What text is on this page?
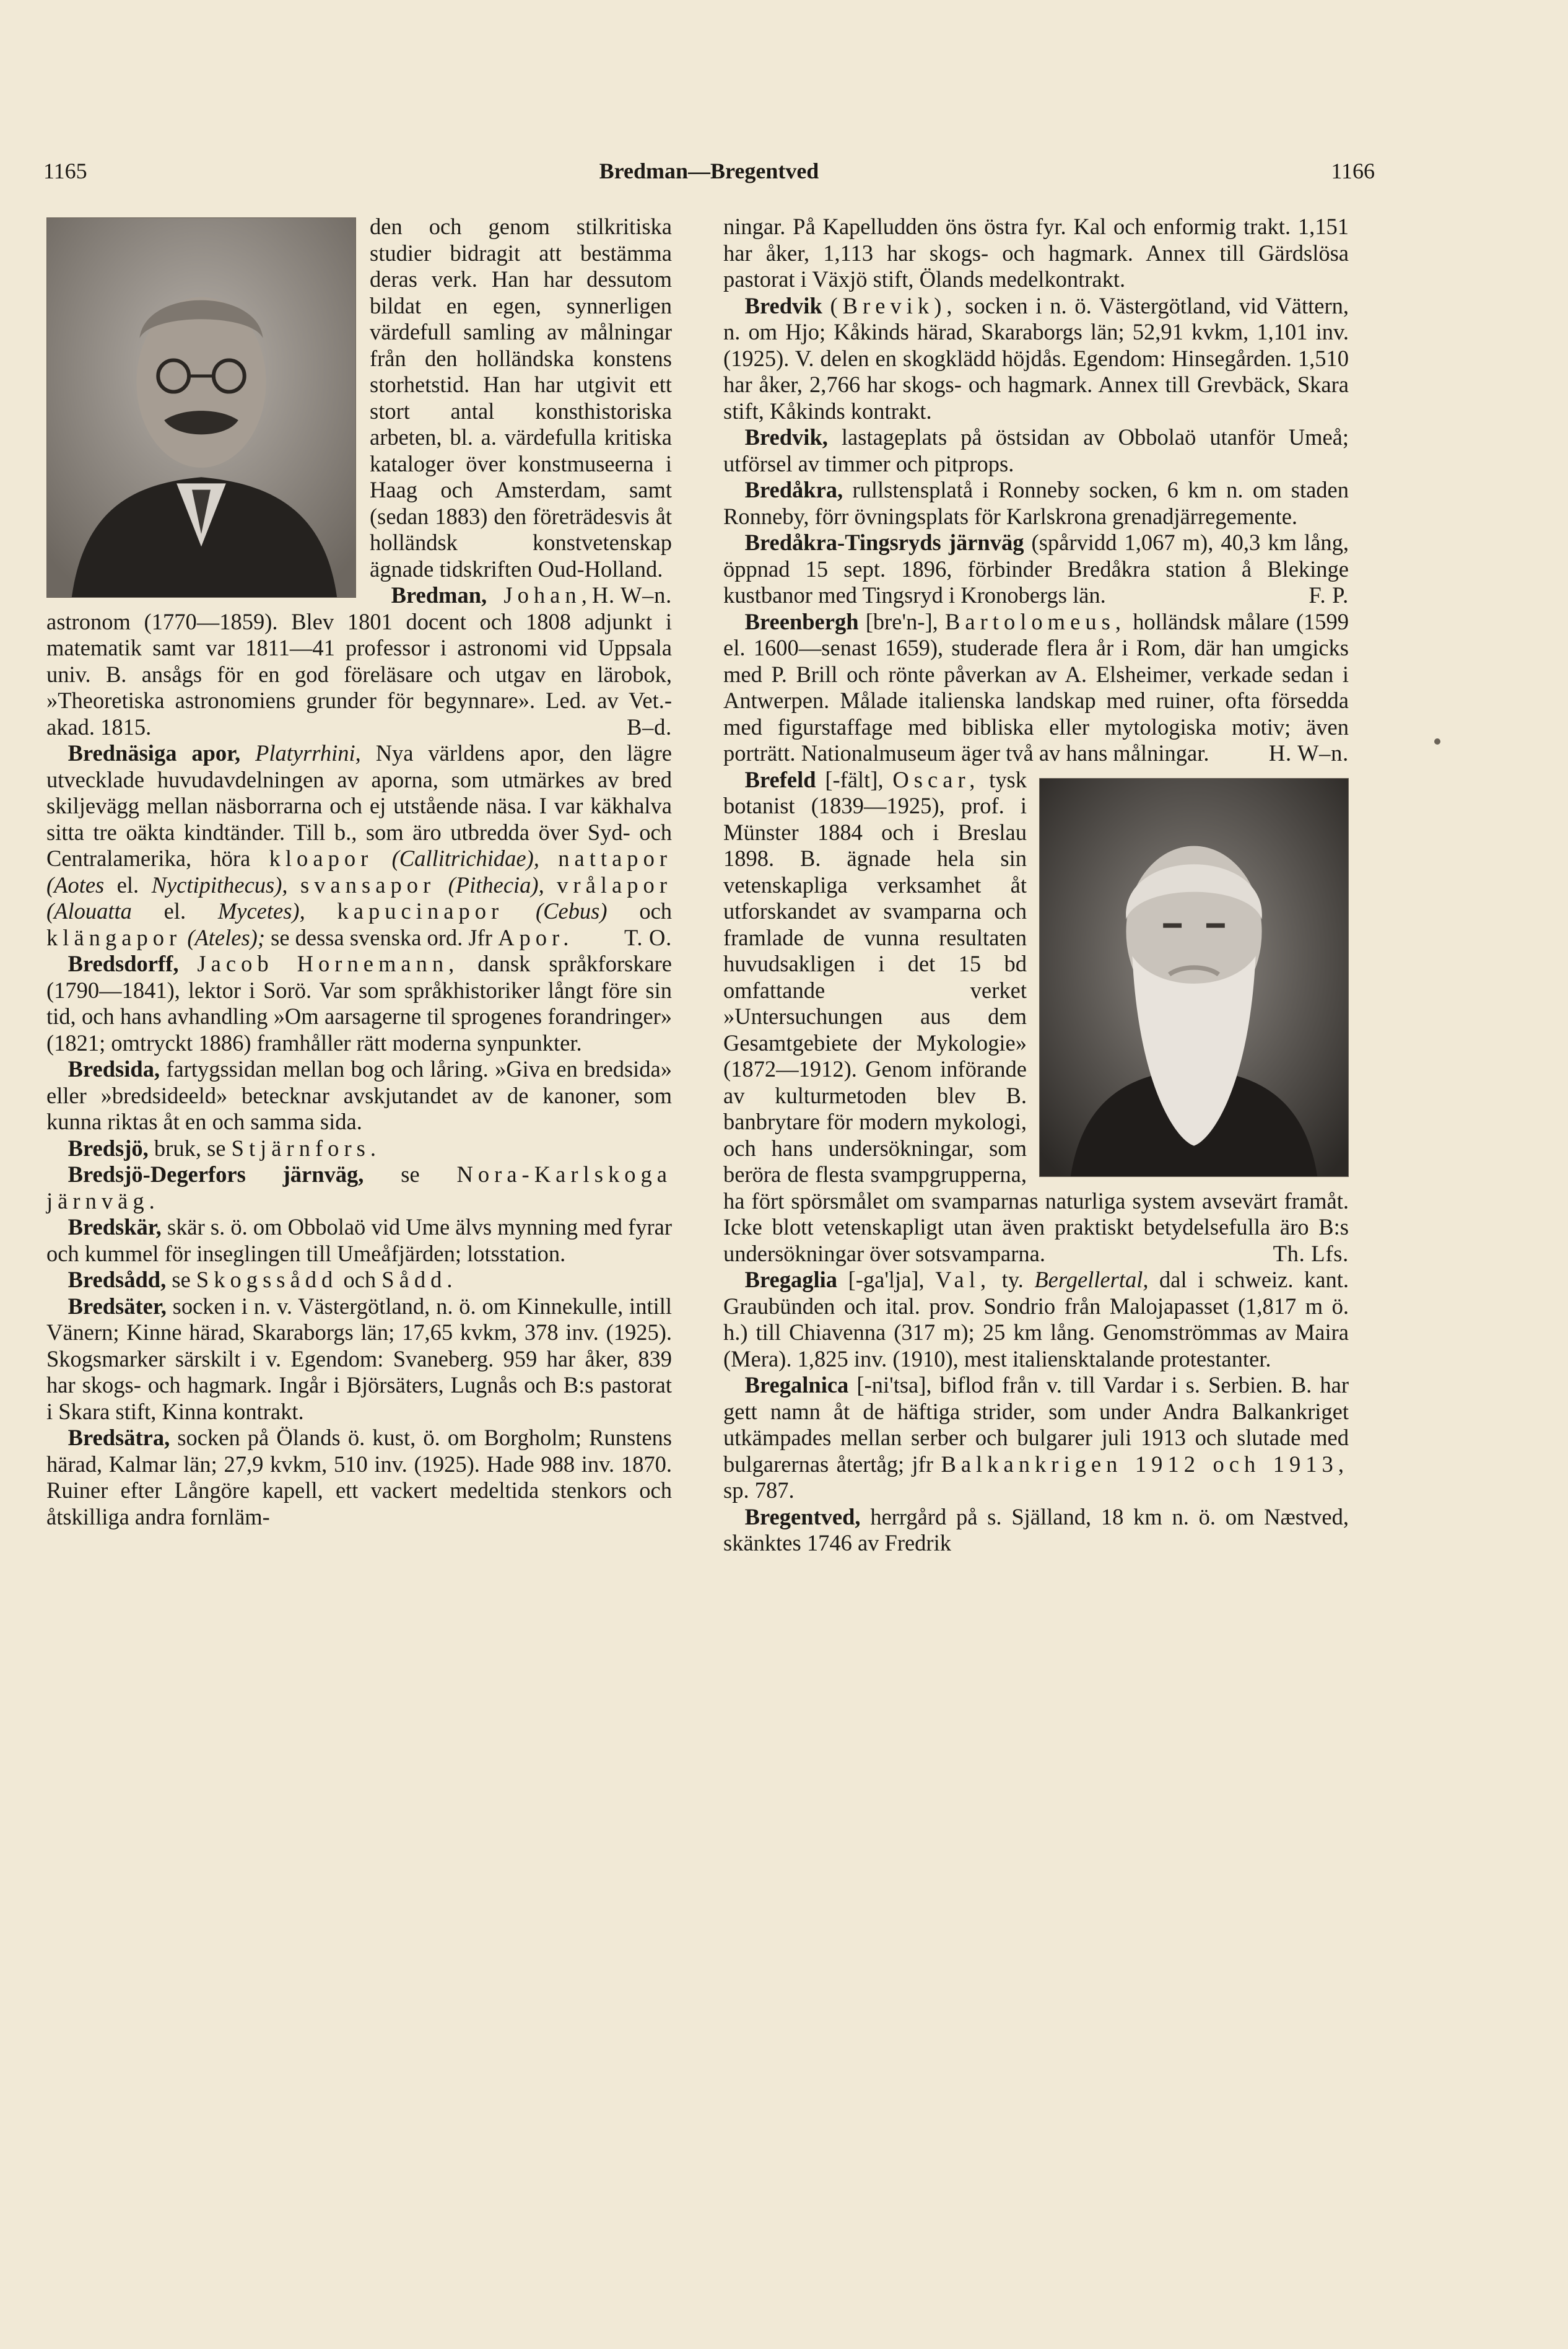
1165	Bredman—Bregentved	1166

den och genom stilkritiska studier bidragit att bestämma deras verk. Han har dessutom bildat en egen, synnerligen värdefull samling av målningar från den holländska konstens storhetstid. Han har utgivit ett stort antal konsthistoriska arbeten, bl. a. värdefulla kritiska kataloger över konstmuseerna i Haag och Amsterdam, samt (sedan 1883) den företrädesvis åt holländsk konstvetenskap ägnade tidskriften Oud-Holland.
H. W–n.

Bredman, Johan, astronom (1770—1859). Blev 1801 docent och 1808 adjunkt i matematik samt var 1811—41 professor i astronomi vid Uppsala univ. B. ansågs för en god föreläsare och utgav en lärobok, »Theoretiska astronomiens grunder för begynnare». Led. av Vet.-akad. 1815.	B–d.

Brednäsiga apor, Platyrrhini, Nya världens apor, den lägre utvecklade huvudavdelningen av aporna, som utmärkes av bred skiljevägg mellan näsborrarna och ej utstående näsa. I var käkhalva sitta tre oäkta kindtänder. Till b., som äro utbredda över Syd- och Centralamerika, höra kloapor (Callitrichidae), nattapor (Aotes el. Nyctipithecus), svansapor (Pithecia), vrålapor (Alouatta el. Mycetes), kapucinapor (Cebus) och klängapor (Ateles); se dessa svenska ord. Jfr Apor.	T. O.

Bredsdorff, Jacob Hornemann, dansk språkforskare (1790—1841), lektor i Sorö. Var som språkhistoriker långt före sin tid, och hans avhandling »Om aarsagerne til sprogenes forandringer» (1821; omtryckt 1886) framhåller rätt moderna synpunkter.

Bredsida, fartygssidan mellan bog och låring. »Giva en bredsida» eller »bredsideeld» betecknar avskjutandet av de kanoner, som kunna riktas åt en och samma sida.

Bredsjö, bruk, se Stjärnfors.

Bredsjö-Degerfors järnväg, se Nora-Karlskoga järnväg.

Bredskär, skär s. ö. om Obbolaö vid Ume älvs mynning med fyrar och kummel för inseglingen till Umeåfjärden; lotsstation.

Bredsådd, se Skogssådd och Sådd.

Bredsäter, socken i n. v. Västergötland, n. ö. om Kinnekulle, intill Vänern; Kinne härad, Skaraborgs län; 17,65 kvkm, 378 inv. (1925). Skogsmarker särskilt i v. Egendom: Svaneberg. 959 har åker, 839 har skogs- och hagmark. Ingår i Björsäters, Lugnås och B:s pastorat i Skara stift, Kinna kontrakt.

Bredsätra, socken på Ölands ö. kust, ö. om Borgholm; Runstens härad, Kalmar län; 27,9 kvkm, 510 inv. (1925). Hade 988 inv. 1870. Ruiner efter Långöre kapell, ett vackert medeltida stenkors och åtskilliga andra fornläm-

ningar. På Kapelludden öns östra fyr. Kal och enformig trakt. 1,151 har åker, 1,113 har skogs- och hagmark. Annex till Gärdslösa pastorat i Växjö stift, Ölands medelkontrakt.

Bredvik (Brevik), socken i n. ö. Västergötland, vid Vättern, n. om Hjo; Kåkinds härad, Skaraborgs län; 52,91 kvkm, 1,101 inv. (1925). V. delen en skogklädd höjdås. Egendom: Hinsegården. 1,510 har åker, 2,766 har skogs- och hagmark. Annex till Grevbäck, Skara stift, Kåkinds kontrakt.

Bredvik, lastageplats på östsidan av Obbolaö utanför Umeå; utförsel av timmer och pitprops.

Bredåkra, rullstensplatå i Ronneby socken, 6 km n. om staden Ronneby, förr övningsplats för Karlskrona grenadjärregemente.

Bredåkra-Tingsryds järnväg (spårvidd 1,067 m), 40,3 km lång, öppnad 15 sept. 1896, förbinder Bredåkra station å Blekinge kustbanor med Tingsryd i Kronobergs län.	F. P.

Breenbergh [bre'n-], Bartolomeus, holländsk målare (1599 el. 1600—senast 1659), studerade flera år i Rom, där han umgicks med P. Brill och rönte påverkan av A. Elsheimer, verkade sedan i Antwerpen. Målade italienska landskap med ruiner, ofta försedda med figurstaffage med bibliska eller mytologiska motiv; även porträtt. Nationalmuseum äger två av hans målningar.	H. W–n.

Brefeld [-fält], Oscar, tysk botanist (1839—1925), prof. i Münster 1884 och i Breslau 1898. B. ägnade hela sin vetenskapliga verksamhet åt utforskandet av svamparna och framlade de vunna resultaten huvudsakligen i det 15 bd omfattande verket »Untersuchungen aus dem Gesamtgebiete der Mykologie» (1872—1912). Genom införande av kulturmetoden blev B. banbrytare för modern mykologi, och hans undersökningar, som beröra de flesta svampgrupperna, ha fört spörsmålet om svamparnas naturliga system avsevärt framåt. Icke blott vetenskapligt utan även praktiskt betydelsefulla äro B:s undersökningar över sotsvamparna.	Th. Lfs.

Bregaglia [-ga'lja], Val, ty. Bergellertal, dal i schweiz. kant. Graubünden och ital. prov. Sondrio från Malojapasset (1,817 m ö. h.) till Chiavenna (317 m); 25 km lång. Genomströmmas av Maira (Mera). 1,825 inv. (1910), mest italiensktalande protestanter.

Bregalnica [-ni'tsa], biflod från v. till Vardar i s. Serbien. B. har gett namn åt de häftiga strider, som under Andra Balkankriget utkämpades mellan serber och bulgarer juli 1913 och slutade med bulgarernas återtåg; jfr Balkankrigen 1912 och 1913, sp. 787.

Bregentved, herrgård på s. Själland, 18 km n. ö. om Næstved, skänktes 1746 av Fredrik
